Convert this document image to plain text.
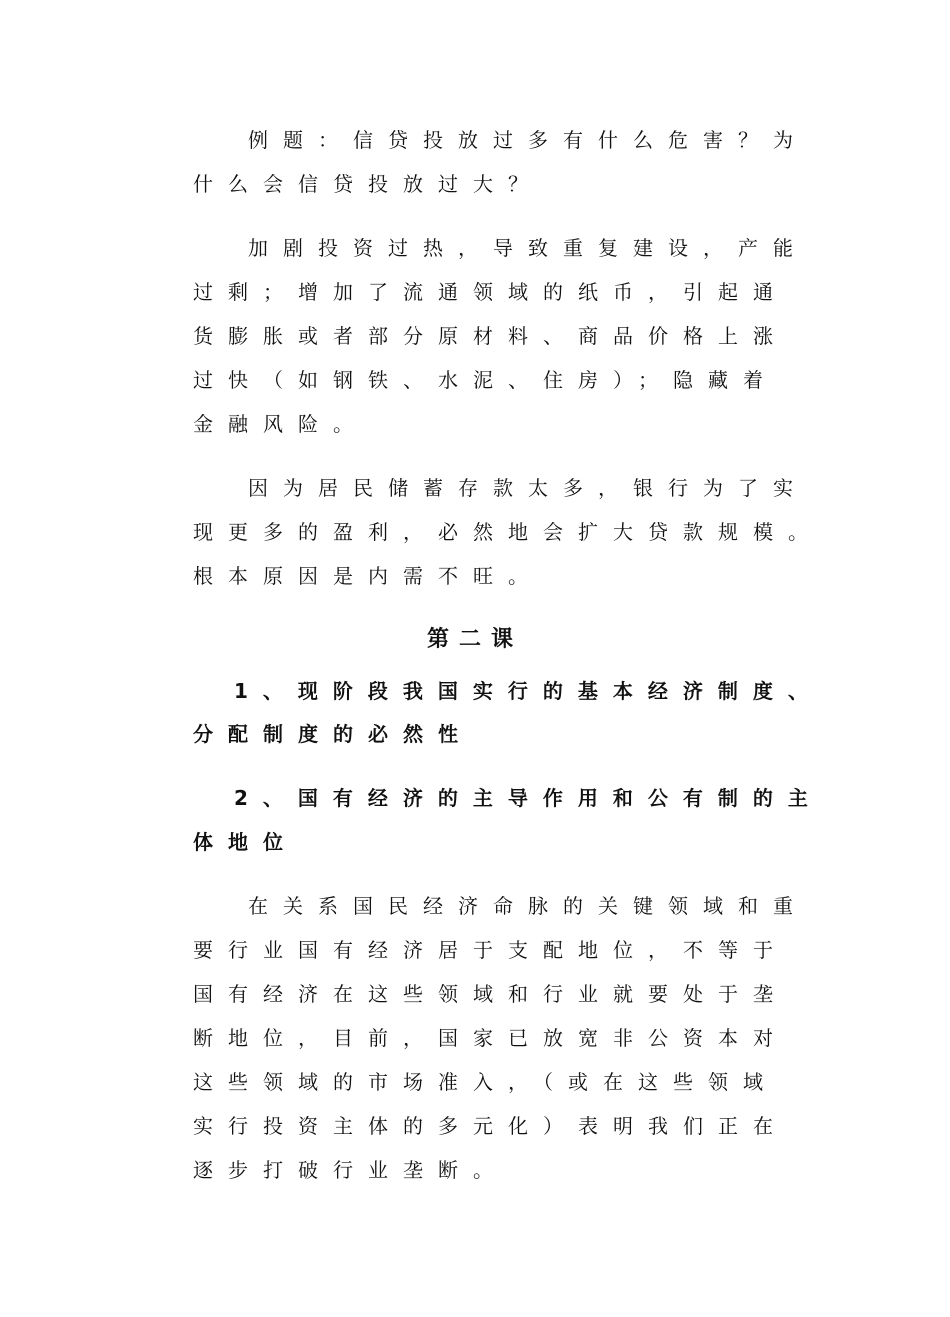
例题：信贷投放过多有什么危害？为
什么会信贷投放过大？
加剧投资过热，导致重复建设，产能
过剩；增加了流通领域的纸币，引起通
货膨胀或者部分原材料、商品价格上涨
过快（如钢铁、水泥、住房）；隐藏着
金融风险。
因为居民储蓄存款太多，银行为了实
现更多的盈利，必然地会扩大贷款规模。
根本原因是内需不旺。
第二课
1、现阶段我国实行的基本经济制度、
分配制度的必然性
2、国有经济的主导作用和公有制的主
体地位
在关系国民经济命脉的关键领域和重
要行业国有经济居于支配地位，不等于
国有经济在这些领域和行业就要处于垄
断地位，目前，国家已放宽非公资本对
这些领域的市场准入，（或在这些领域
实行投资主体的多元化）表明我们正在
逐步打破行业垄断。
